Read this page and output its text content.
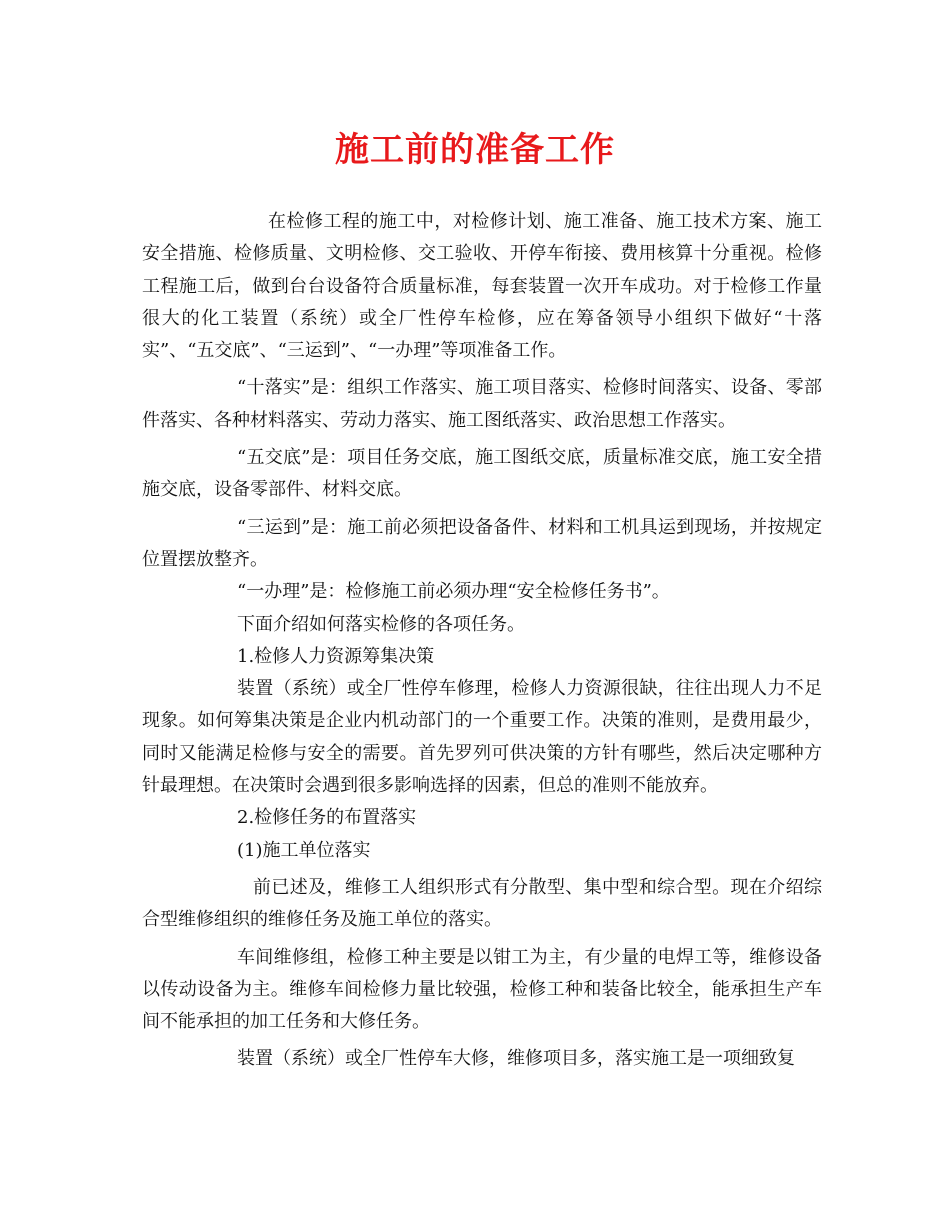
施工前的准备工作

在检修工程的施工中，对检修计划、施工准备、施工技术方案、施工安全措施、检修质量、文明检修、交工验收、开停车衔接、费用核算十分重视。检修工程施工后，做到台台设备符合质量标准，每套装置一次开车成功。对于检修工作量很大的化工装置（系统）或全厂性停车检修，应在筹备领导小组织下做好“十落实”、“五交底”、“三运到”、“一办理”等项准备工作。

“十落实”是：组织工作落实、施工项目落实、检修时间落实、设备、零部件落实、各种材料落实、劳动力落实、施工图纸落实、政治思想工作落实。

“五交底”是：项目任务交底，施工图纸交底，质量标准交底，施工安全措施交底，设备零部件、材料交底。

“三运到”是：施工前必须把设备备件、材料和工机具运到现场，并按规定位置摆放整齐。

“一办理”是：检修施工前必须办理“安全检修任务书”。

下面介绍如何落实检修的各项任务。

1.检修人力资源筹集决策

装置（系统）或全厂性停车修理，检修人力资源很缺，往往出现人力不足现象。如何筹集决策是企业内机动部门的一个重要工作。决策的准则，是费用最少，同时又能满足检修与安全的需要。首先罗列可供决策的方针有哪些，然后决定哪种方针最理想。在决策时会遇到很多影响选择的因素，但总的准则不能放弃。

2.检修任务的布置落实

(1)施工单位落实

前已述及，维修工人组织形式有分散型、集中型和综合型。现在介绍综合型维修组织的维修任务及施工单位的落实。

车间维修组，检修工种主要是以钳工为主，有少量的电焊工等，维修设备以传动设备为主。维修车间检修力量比较强，检修工种和装备比较全，能承担生产车间不能承担的加工任务和大修任务。

装置（系统）或全厂性停车大修，维修项目多，落实施工是一项细致复
